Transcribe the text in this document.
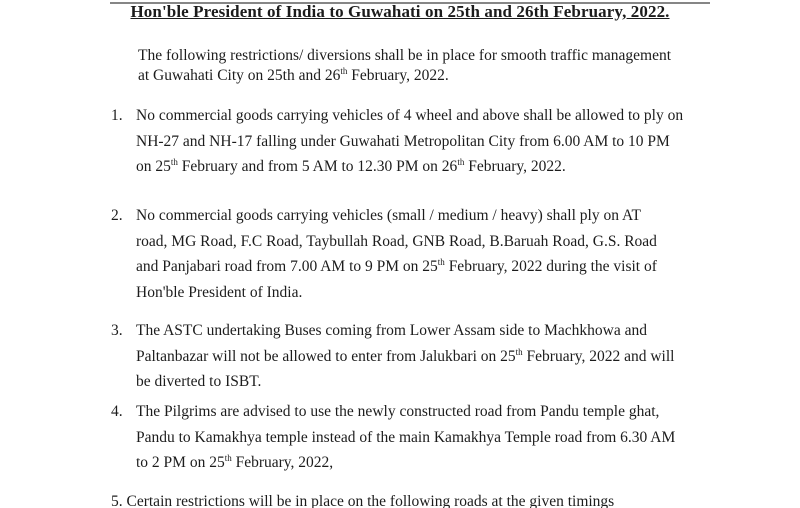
Hon'ble President of India to Guwahati on 25th and 26th February, 2022.
The following restrictions/ diversions shall be in place for smooth traffic management
at Guwahati City on 25th and 26th February, 2022.
1. No commercial goods carrying vehicles of 4 wheel and above shall be allowed to ply on
NH-27 and NH-17 falling under Guwahati Metropolitan City from 6.00 AM to 10 PM
on 25th February and from 5 AM to 12.30 PM on 26th February, 2022.
2. No commercial goods carrying vehicles (small / medium / heavy) shall ply on AT
road, MG Road, F.C Road, Taybullah Road, GNB Road, B.Baruah Road, G.S. Road
and Panjabari road from 7.00 AM to 9 PM on 25th February, 2022 during the visit of
Hon'ble President of India.
3. The ASTC undertaking Buses coming from Lower Assam side to Machkhowa and
Paltanbazar will not be allowed to enter from Jalukbari on 25th February, 2022 and will
be diverted to ISBT.
4. The Pilgrims are advised to use the newly constructed road from Pandu temple ghat,
Pandu to Kamakhya temple instead of the main Kamakhya Temple road from 6.30 AM
to 2 PM on 25th February, 2022,
5. Certain restrictions will be in place on the following roads at the given timings
